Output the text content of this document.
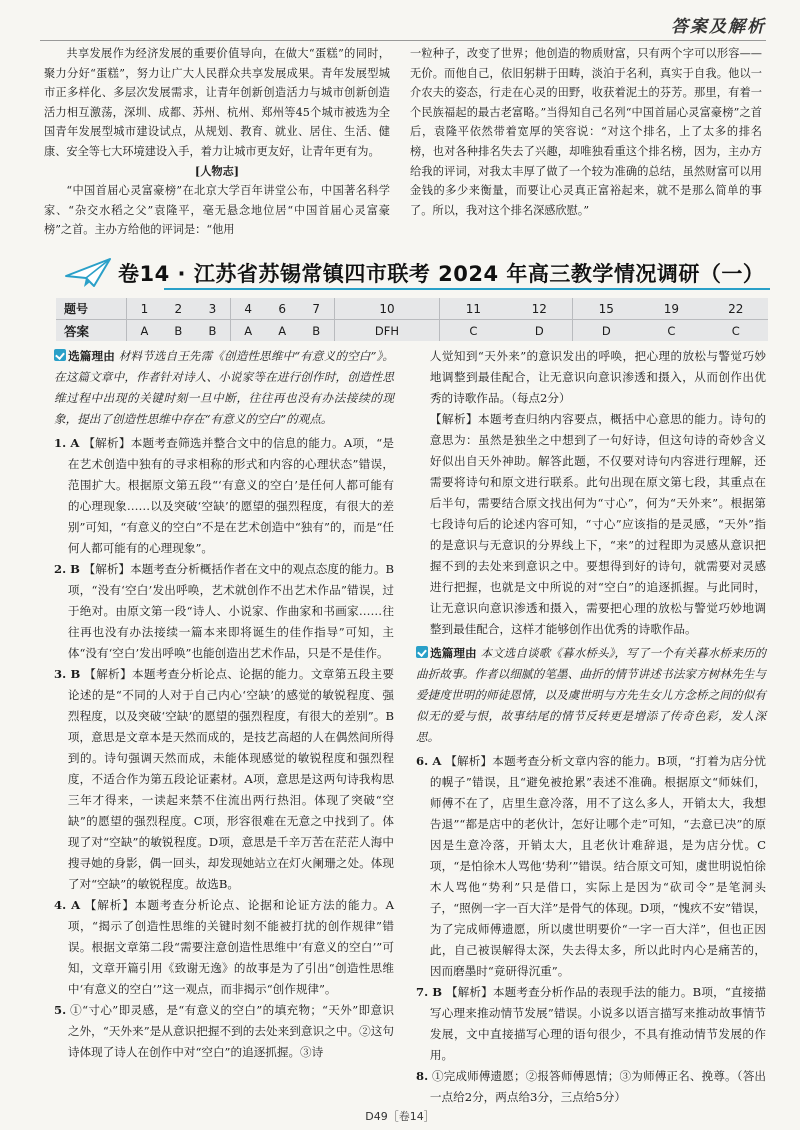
答案及解析

共享发展作为经济发展的重要价值导向，在做大“蛋糕”的同时，聚力分好“蛋糕”，努力让广大人民群众共享发展成果。青年发展型城市正多样化、多层次发展需求，让青年创新创造活力与城市创新创造活力相互激荡，深圳、成都、苏州、杭州、郑州等45个城市被选为全国青年发展型城市建设试点，从规划、教育、就业、居住、生活、健康、安全等七大环境建设入手，着力让城市更友好，让青年更有为。

[人物志]

“中国首届心灵富豪榜”在北京大学百年讲堂公布，中国著名科学家、“杂交水稻之父”袁隆平，毫无悬念地位居“中国首届心灵富豪榜”之首。主办方给他的评词是：“他用

一粒种子，改变了世界；他创造的物质财富，只有两个字可以形容——无价。而他自己，依旧躬耕于田畴，淡泊于名利，真实于自我。他以一介农夫的姿态，行走在心灵的田野，收获着泥土的芬芳。那里，有着一个民族福起的最古老富略。”当得知自己名列“中国首届心灵富豪榜”之首后，袁隆平依然带着宽厚的笑容说：“对这个排名，上了太多的排名榜，也对各种排名失去了兴趣，却唯独看重这个排名榜，因为，主办方给我的评词，对我太丰厚了做了一个较为准确的总结，虽然财富可以用金钱的多少来衡量，而要让心灵真正富裕起来，就不是那么简单的事了。所以，我对这个排名深感欣慰。”

卷14 · 江苏省苏锡常镇四市联考 2024 年高三教学情况调研（一）
题号	1	2	3	4	6	7	10	11	12	15	19	22
答案	A	B	B	A	A	B	DFH	C	D	D	C	C

选篇理由 材料节选自王先霈《创造性思维中“有意义的空白”》。在这篇文章中，作者针对诗人、小说家等在进行创作时，创造性思维过程中出现的关键时刻一旦中断，往往再也没有办法接续的现象，提出了创造性思维中存在“有意义的空白”的观点。

1. A 【解析】本题考查筛选并整合文中的信息的能力。A项，“是在艺术创造中独有的寻求相称的形式和内容的心理状态”错误，范围扩大。根据原文第五段“‘有意义的空白’是任何人都可能有的心理现象……以及突破‘空缺’的愿望的强烈程度，有很大的差别”可知，“有意义的空白”不是在艺术创造中“独有”的，而是“任何人都可能有的心理现象”。

2. B 【解析】本题考查分析概括作者在文中的观点态度的能力。B项，“没有‘空白’发出呼唤，艺术就创作不出艺术作品”错误，过于绝对。由原文第一段“诗人、小说家、作曲家和书画家……往往再也没有办法接续一篇本来即将诞生的佳作指导”可知，主体“没有‘空白’发出呼唤”也能创造出艺术作品，只是不是佳作。

3. B 【解析】本题考查分析论点、论据的能力。文章第五段主要论述的是“不同的人对于自己内心‘空缺’的感觉的敏锐程度、强烈程度，以及突破‘空缺’的愿望的强烈程度，有很大的差别”。B项，意思是文章本是天然而成的，是技艺高超的人在偶然间所得到的。诗句强调天然而成，未能体现感觉的敏锐程度和强烈程度，不适合作为第五段论证素材。A项，意思是这两句诗我构思三年才得来，一读起来禁不住流出两行热泪。体现了突破“空缺”的愿望的强烈程度。C项，形容很难在无意之中找到了。体现了对“空缺”的敏锐程度。D项，意思是千辛万苦在茫茫人海中搜寻她的身影，偶一回头，却发现她站立在灯火阑珊之处。体现了对“空缺”的敏锐程度。故选B。

4. A 【解析】本题考查分析论点、论据和论证方法的能力。A项，“揭示了创造性思维的关键时刻不能被打扰的创作规律”错误。根据文章第二段“需要注意创造性思维中‘有意义的空白’”可知，文章开篇引用《致谢无逸》的故事是为了引出“创造性思维中‘有意义的空白’”这一观点，而非揭示“创作规律”。

5. ①“寸心”即灵感，是“有意义的空白”的填充物；“天外”即意识之外，“天外来”是从意识把握不到的去处来到意识之中。②这句诗体现了诗人在创作中对“空白”的追逐抓握。③诗

人觉知到“天外来”的意识发出的呼唤，把心理的放松与警觉巧妙地调整到最佳配合，让无意识向意识渗透和摄入，从而创作出优秀的诗歌作品。（每点2分）

【解析】本题考查归纳内容要点，概括中心意思的能力。诗句的意思为：虽然是独坐之中想到了一句好诗，但这句诗的奇妙含义好似出自天外神助。解答此题，不仅要对诗句内容进行理解，还需要将诗句和原文进行联系。此句出现在原文第七段，其重点在后半句，需要结合原文找出何为“寸心”，何为“天外来”。根据第七段诗句后的论述内容可知，“寸心”应该指的是灵感，“天外”指的是意识与无意识的分界线上下，“来”的过程即为灵感从意识把握不到的去处来到意识之中。要想得到好的诗句，就需要对灵感进行把握，也就是文中所说的对“空白”的追逐抓握。与此同时，让无意识向意识渗透和摄入，需要把心理的放松与警觉巧妙地调整到最佳配合，这样才能够创作出优秀的诗歌作品。

选篇理由 本文选自谈歌《暮水桥头》，写了一个有关暮水桥来历的曲折故事。作者以细腻的笔墨、曲折的情节讲述书法家方树林先生与爱捷度世明的师徒恩情，以及虞世明与方先生女儿方念桥之间的似有似无的爱与恨，故事结尾的情节反转更是增添了传奇色彩，发人深思。

6. A 【解析】本题考查分析文章内容的能力。B项，“打着为店分忧的幌子”错误，且“避免被抢累”表述不准确。根据原文“师妹们，师傅不在了，店里生意冷落，用不了这么多人，开销太大，我想告退”“都是店中的老伙计，怎好让哪个走”可知，“去意已决”的原因是生意冷落，开销太大，且老伙计难辞退，是为店分忧。C项，“是怕徐木人骂他‘势利’”错误。结合原文可知，虞世明说怕徐木人骂他“势利”只是借口，实际上是因为“砍司令”是笔洞头子，“照例一字一百大洋”是骨气的体现。D项，“愧疚不安”错误，为了完成师傅遗愿，所以虞世明要价“一字一百大洋”，但也正因此，自己被误解得太深，失去得太多，所以此时内心是痛苦的，因而磨墨时“竟研得沉重”。

7. B 【解析】本题考查分析作品的表现手法的能力。B项，“直接描写心理来推动情节发展”错误。小说多以语言描写来推动故事情节发展，文中直接描写心理的语句很少，不具有推动情节发展的作用。

8. ①完成师傅遗愿；②报答师傅恩情；③为师傅正名、挽尊。（答出一点给2分，两点给3分，三点给5分）

D49［卷14］
